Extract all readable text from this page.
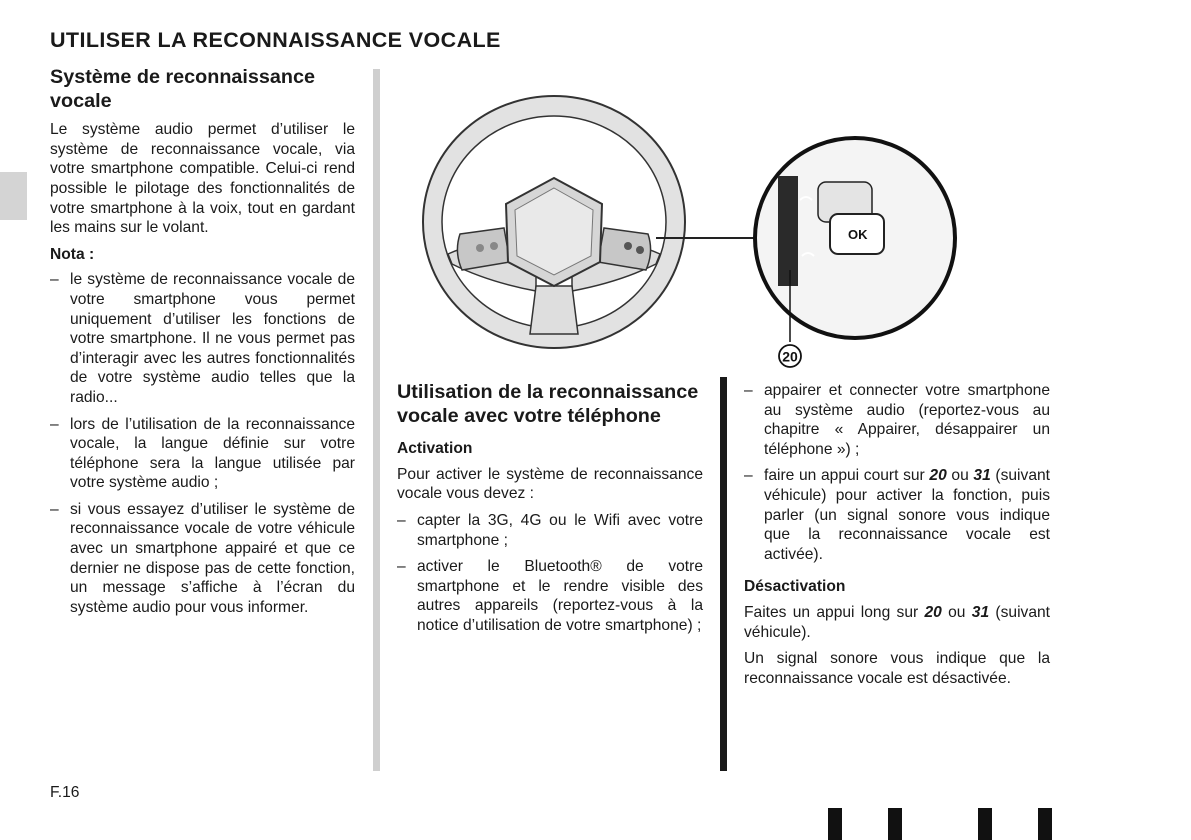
UTILISER LA RECONNAISSANCE VOCALE
Système de reconnaissance vocale
Le système audio permet d’utiliser le système de reconnaissance vocale, via votre smartphone compatible. Celui-ci rend possible le pilotage des fonctionnalités de votre smartphone à la voix, tout en gardant les mains sur le volant.
Nota :
– le système de reconnaissance vocale de votre smartphone vous permet uniquement d’utiliser les fonctions de votre smartphone. Il ne vous permet pas d’interagir avec les autres fonctionnalités de votre système audio telles que la radio...
– lors de l’utilisation de la reconnaissance vocale, la langue définie sur votre téléphone sera la langue utilisée par votre système audio ;
– si vous essayez d’utiliser le système de reconnaissance vocale de votre véhicule avec un smartphone appairé et que ce dernier ne dispose pas de cette fonction, un message s’affiche à l’écran du système audio pour vous informer.
OK
20
Utilisation de la reconnaissance vocale avec votre téléphone
Activation
Pour activer le système de reconnaissance vocale vous devez :
– capter la 3G, 4G ou le Wifi avec votre smartphone ;
– activer le Bluetooth® de votre smartphone et le rendre visible des autres appareils (reportez-vous à la notice d’utilisation de votre smartphone) ;
– appairer et connecter votre smartphone au système audio (reportez-vous au chapitre « Appairer, désappairer un téléphone ») ;
– faire un appui court sur 20 ou 31 (suivant véhicule) pour activer la fonction, puis parler (un signal sonore vous indique que la reconnaissance vocale est activée).
Désactivation
Faites un appui long sur 20 ou 31 (suivant véhicule).
Un signal sonore vous indique que la reconnaissance vocale est désactivée.
F.16
